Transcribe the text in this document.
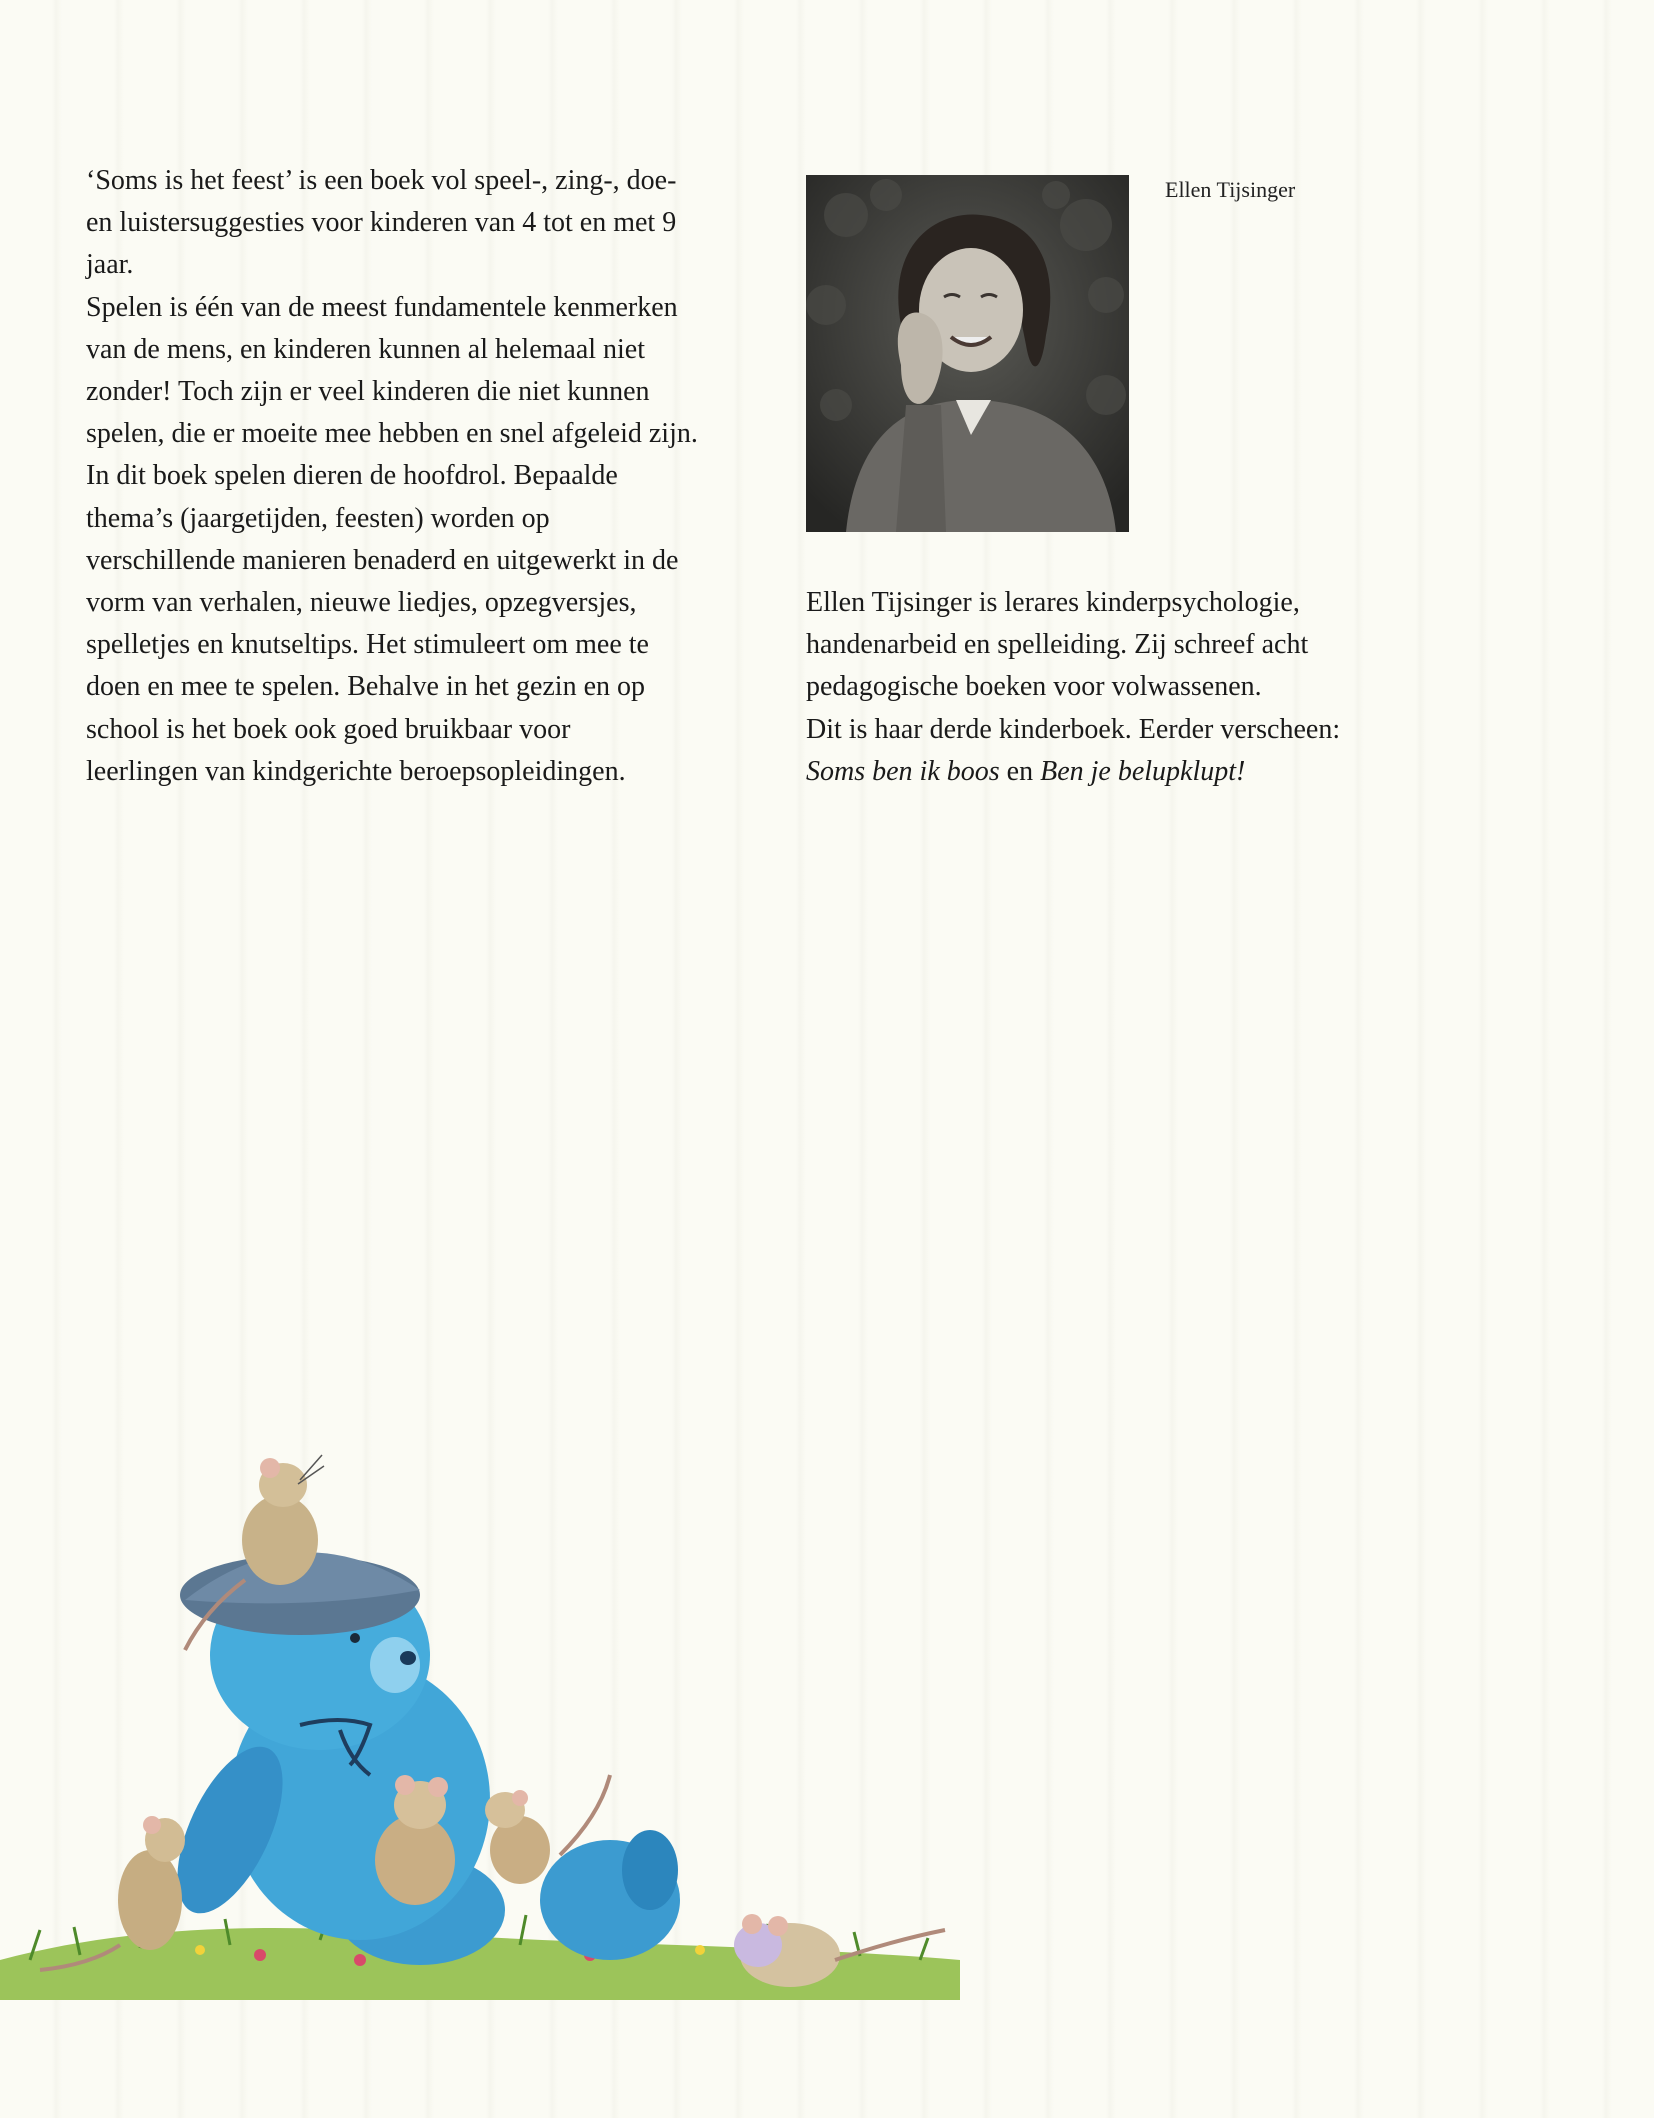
‘Soms is het feest’ is een boek vol speel-, zing-, doe-

en luistersuggesties voor kinderen van 4 tot en met 9

jaar.

Spelen is één van de meest fundamentele kenmerken

van de mens, en kinderen kunnen al helemaal niet

zonder! Toch zijn er veel kinderen die niet kunnen

spelen, die er moeite mee hebben en snel afgeleid zijn.

In dit boek spelen dieren de hoofdrol. Bepaalde

thema’s (jaargetijden, feesten) worden op

verschillende manieren benaderd en uitgewerkt in de

vorm van verhalen, nieuwe liedjes, opzegversjes,

spelletjes en knutseltips. Het stimuleert om mee te

doen en mee te spelen. Behalve in het gezin en op

school is het boek ook goed bruikbaar voor

leerlingen van kindgerichte beroepsopleidingen.

Ellen Tijsinger

Ellen Tijsinger is lerares kinderpsychologie,

handenarbeid en spelleiding. Zij schreef acht

pedagogische boeken voor volwassenen.

Dit is haar derde kinderboek. Eerder verscheen:

Soms ben ik boos en Ben je belupklupt!
